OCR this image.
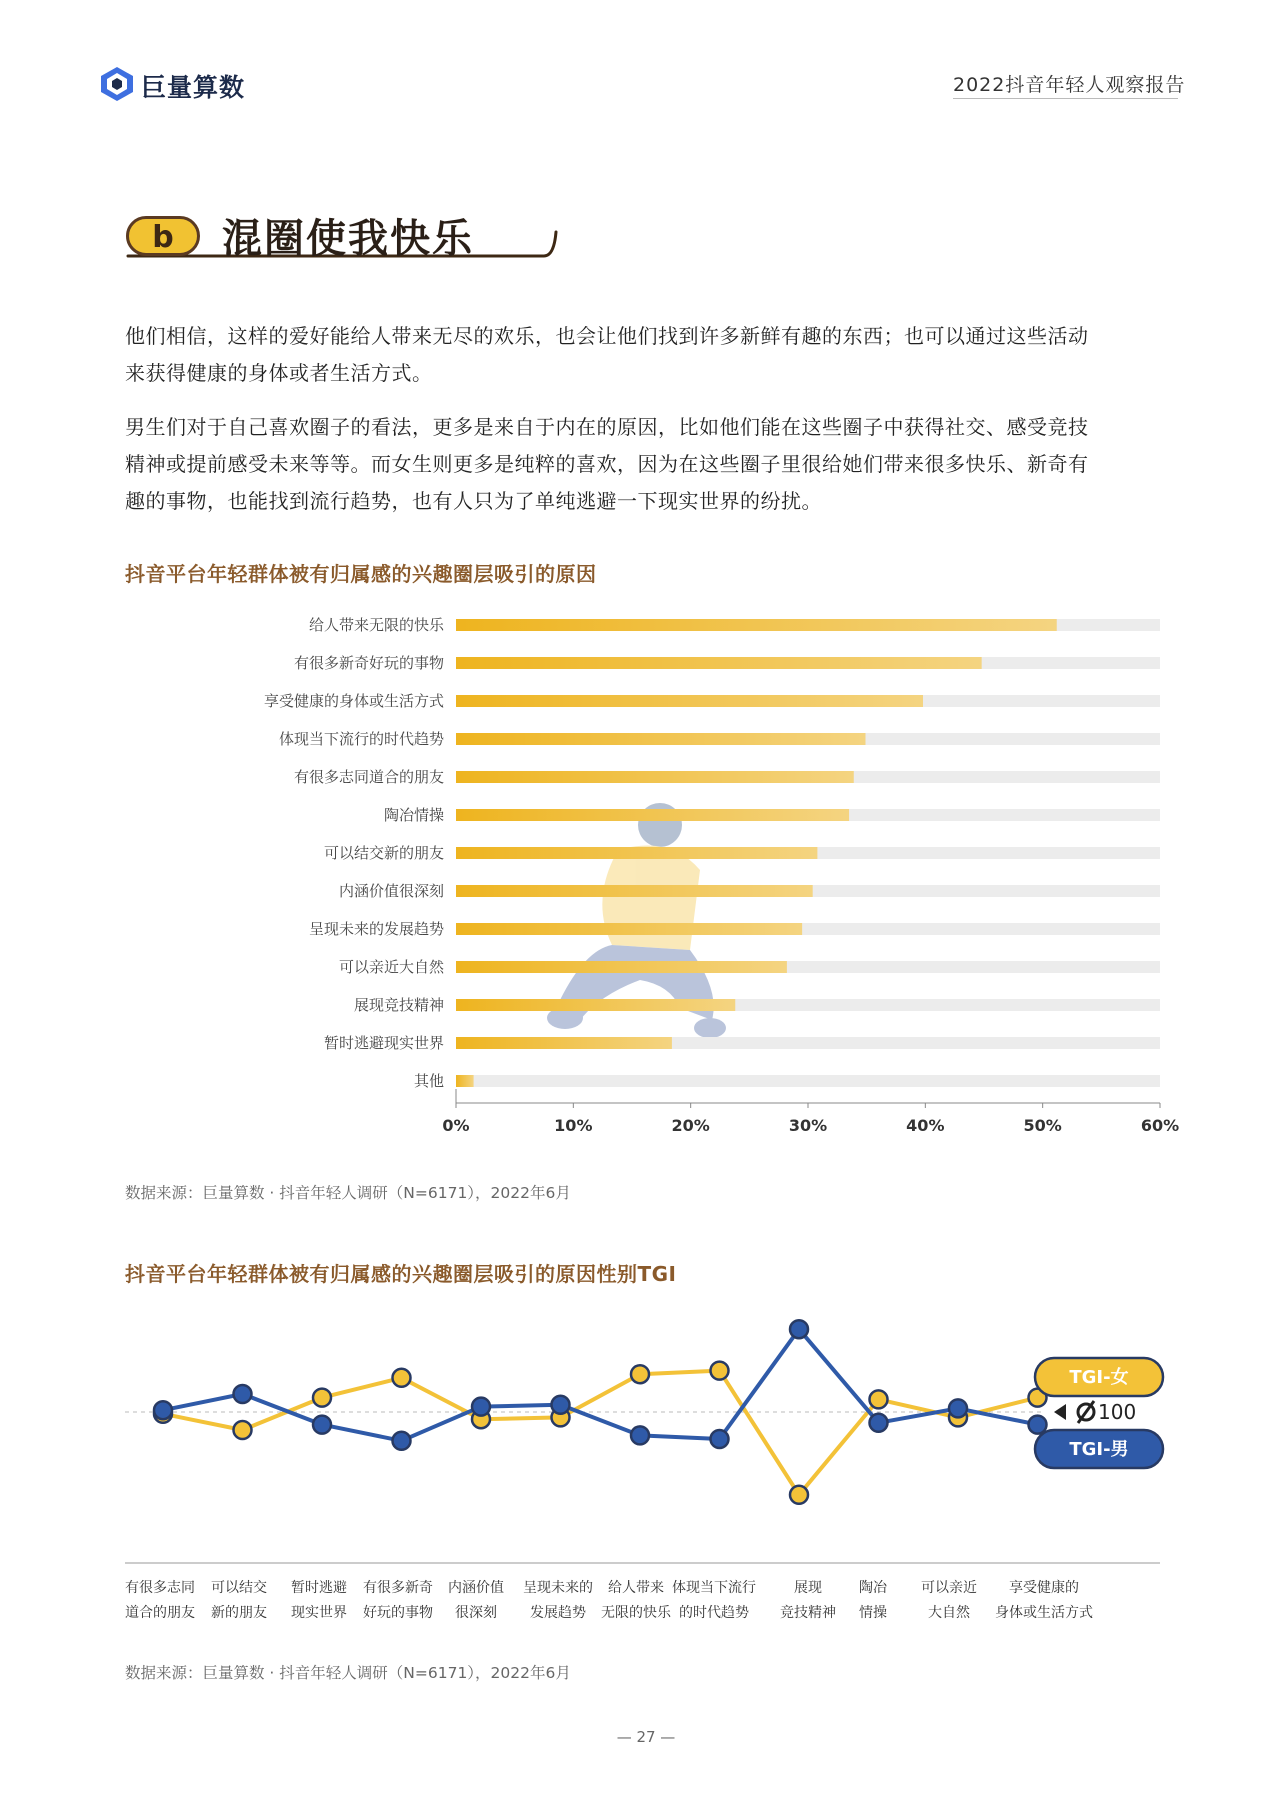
巨量算数	2022抖音年轻人观察报告
b	混圈使我快乐
他们相信，这样的爱好能给人带来无尽的欢乐，也会让他们找到许多新鲜有趣的东西；也可以通过这些活动
来获得健康的身体或者生活方式。
男生们对于自己喜欢圈子的看法，更多是来自于内在的原因，比如他们能在这些圈子中获得社交、感受竞技
精神或提前感受未来等等。而女生则更多是纯粹的喜欢，因为在这些圈子里很给她们带来很多快乐、新奇有
趣的事物，也能找到流行趋势，也有人只为了单纯逃避一下现实世界的纷扰。
抖音平台年轻群体被有归属感的兴趣圈层吸引的原因
给人带来无限的快乐
有很多新奇好玩的事物
享受健康的身体或生活方式
体现当下流行的时代趋势
有很多志同道合的朋友
陶冶情操
可以结交新的朋友
内涵价值很深刻
呈现未来的发展趋势
可以亲近大自然
展现竞技精神
暂时逃避现实世界
其他
0%	10%	20%	30%	40%	50%	60%
数据来源：巨量算数 · 抖音年轻人调研（N=6171），2022年6月
抖音平台年轻群体被有归属感的兴趣圈层吸引的原因性别TGI
TGI-女
100
TGI-男
有很多志同
道合的朋友
可以结交
新的朋友
暂时逃避
现实世界
有很多新奇
好玩的事物
内涵价值
很深刻
呈现未来的
发展趋势
给人带来
无限的快乐
体现当下流行
的时代趋势
展现
竞技精神
陶冶
情操
可以亲近
大自然
享受健康的
身体或生活方式
数据来源：巨量算数 · 抖音年轻人调研（N=6171），2022年6月
— 27 —
